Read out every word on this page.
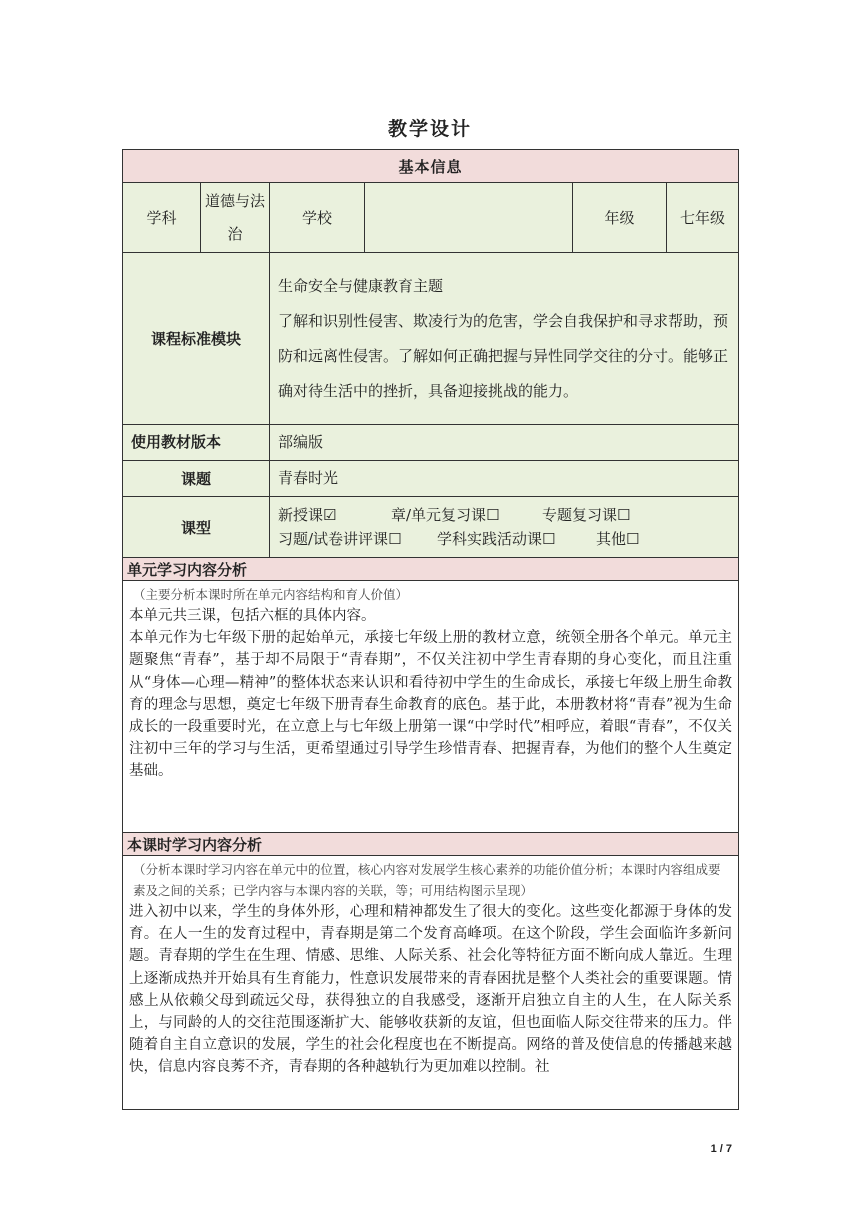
教学设计
基本信息					
学科	道德与法治	学校		年级	七年级
课程标准模块		生命安全与健康教育主题
了解和识别性侵害、欺凌行为的危害，学会自我保护和寻求帮助，预防和远离性侵害。了解如何正确把握与异性同学交往的分寸。能够正确对待生活中的挫折，具备迎接挑战的能力。			

使用教材版本		部编版			
课题		青春时光			
课型		新授课☑ 章/单元复习课☐ 专题复习课☐
习题/试卷讲评课☐ 学科实践活动课☐ 其他☐			

单元学习内容分析					

（主要分析本课时所在单元内容结构和育人价值）
本单元共三课，包括六框的具体内容。
本单元作为七年级下册的起始单元，承接七年级上册的教材立意，统领全册各个单元。单元主题聚焦“青春”，基于却不局限于“青春期”，不仅关注初中学生青春期的身心变化，而且注重从“身体—心理—精神”的整体状态来认识和看待初中学生的生命成长，承接七年级上册生命教育的理念与思想，奠定七年级下册青春生命教育的底色。基于此，本册教材将“青春”视为生命成长的一段重要时光，在立意上与七年级上册第一课“中学时代”相呼应，着眼“青春”，不仅关注初中三年的学习与生活，更希望通过引导学生珍惜青春、把握青春，为他们的整个人生奠定基础。					

本课时学习内容分析					

（分析本课时学习内容在单元中的位置，核心内容对发展学生核心素养的功能价值分析；本课时内容组成要素及之间的关系；已学内容与本课内容的关联，等；可用结构图示呈现）
进入初中以来，学生的身体外形，心理和精神都发生了很大的变化。这些变化都源于身体的发育。在人一生的发育过程中，青春期是第二个发育高峰项。在这个阶段，学生会面临许多新问题。青春期的学生在生理、情感、思维、人际关系、社会化等特征方面不断向成人靠近。生理上逐渐成热并开始具有生育能力，性意识发展带来的青春困扰是整个人类社会的重要课题。情感上从依赖父母到疏远父母，获得独立的自我感受，逐渐开启独立自主的人生，在人际关系上，与同龄的人的交往范围逐渐扩大、能够收获新的友谊，但也面临人际交往带来的压力。伴随着自主自立意识的发展，学生的社会化程度也在不断提高。网络的普及使信息的传播越来越快，信息内容良莠不齐，青春期的各种越轨行为更加难以控制。社					
1 / 7
